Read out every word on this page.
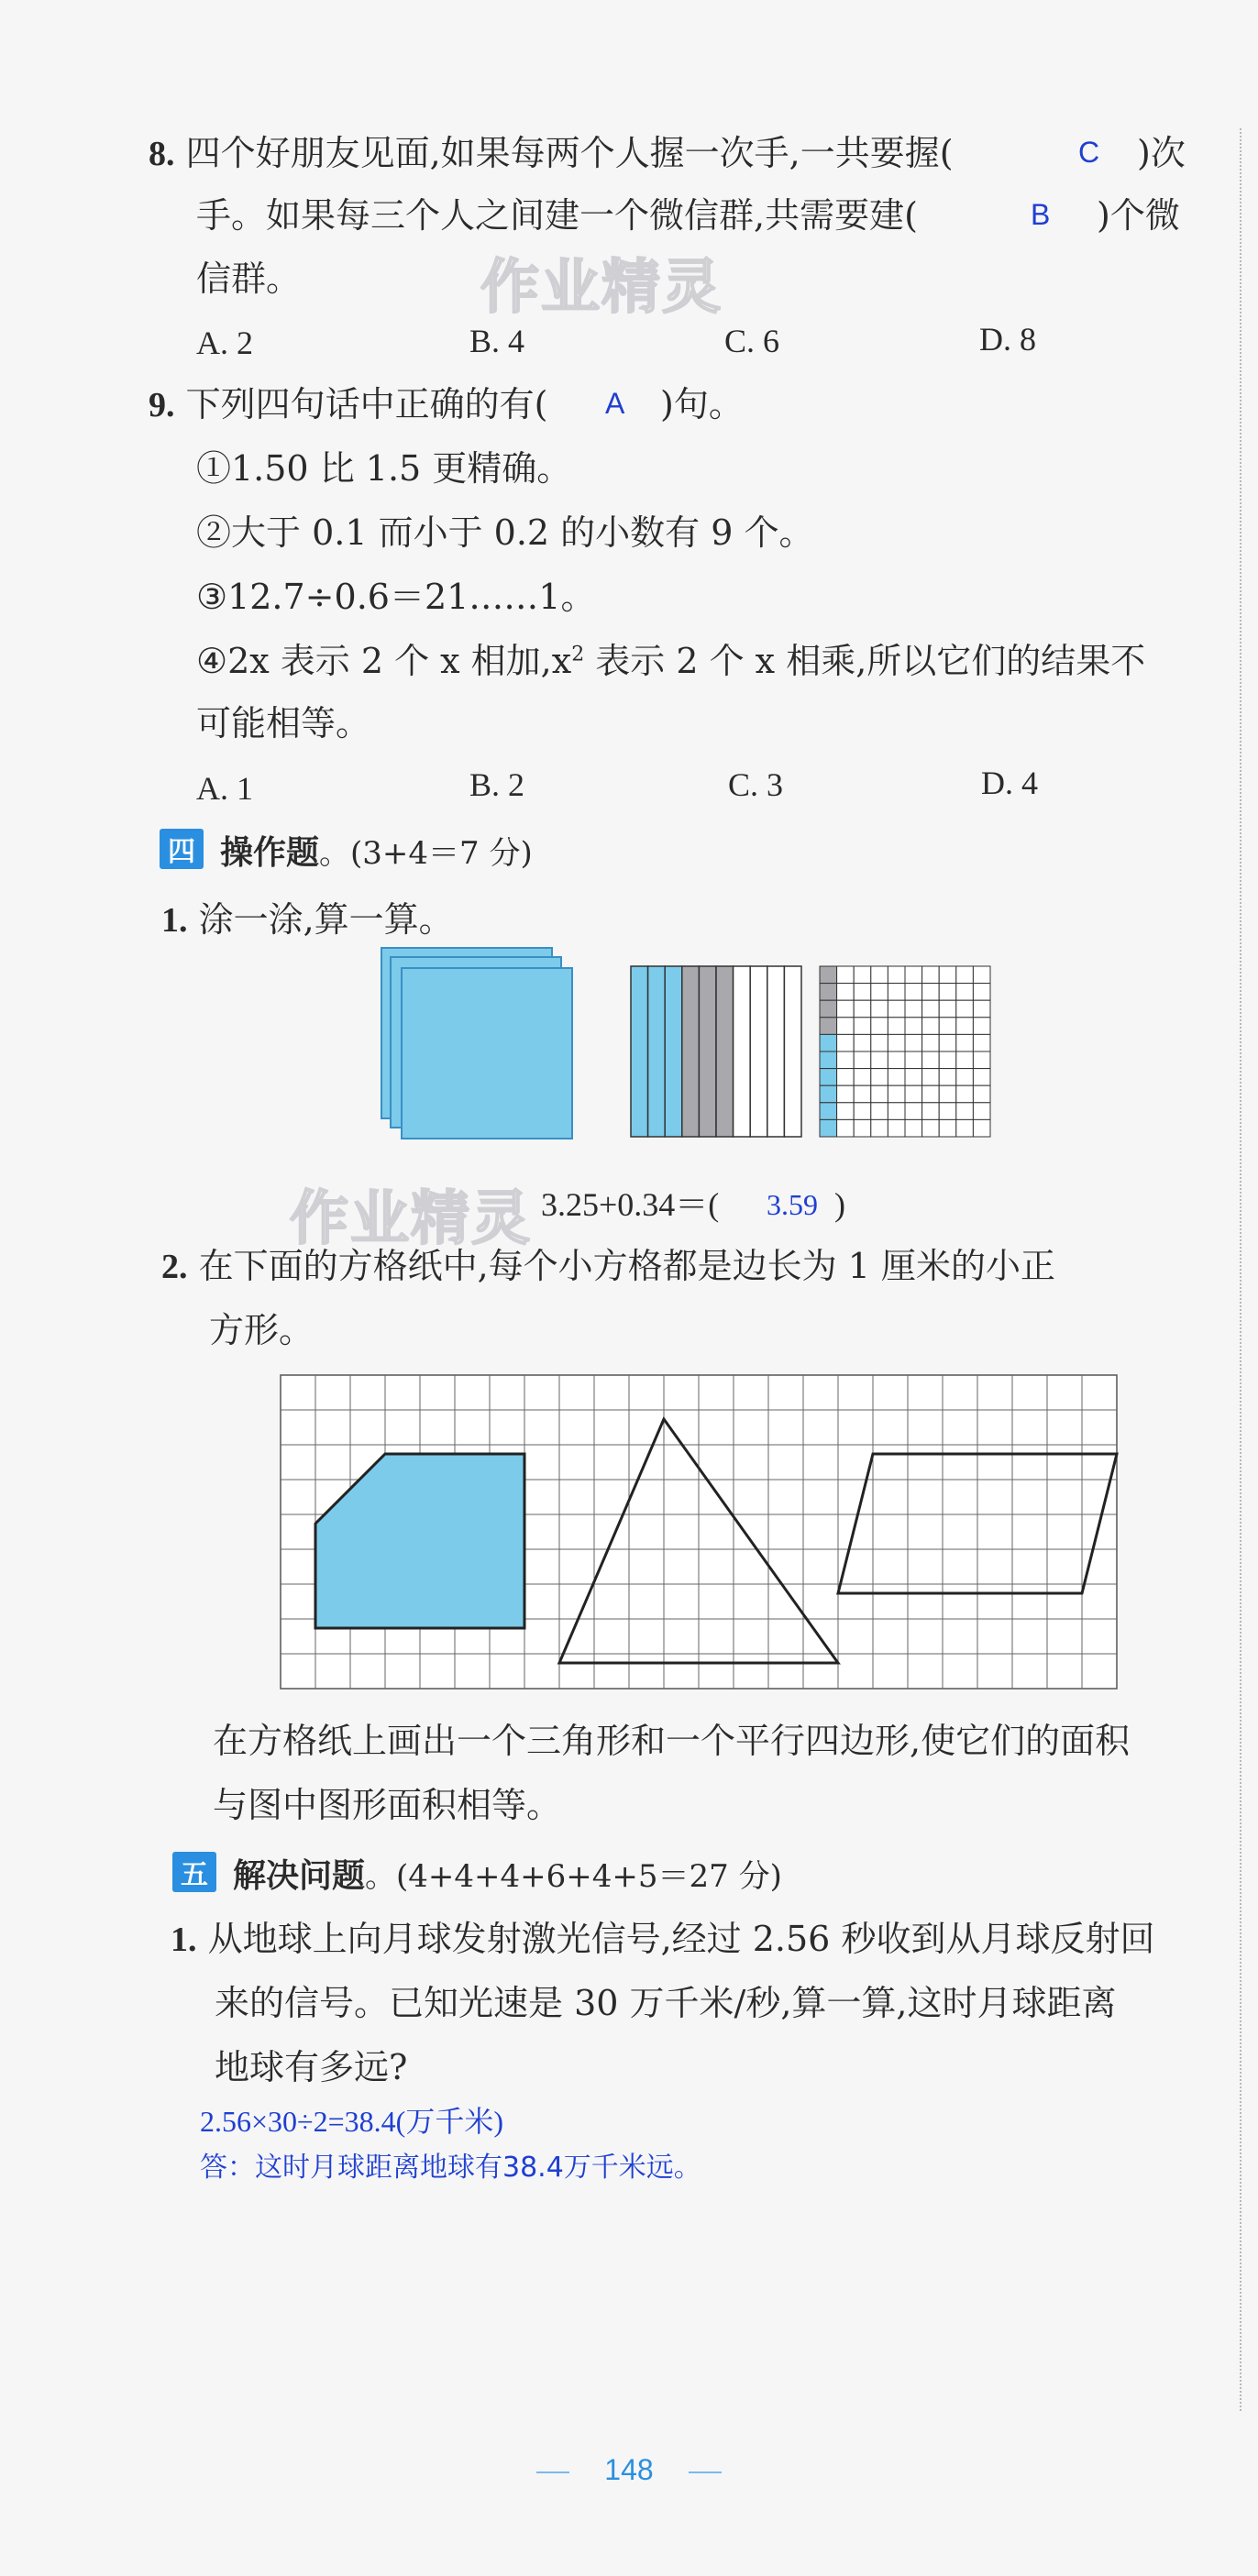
8. 四个好朋友见面,如果每两个人握一次手,一共要握(	C )次
手。如果每三个人之间建一个微信群,共需要建(	B )个微
信群。
A. 2	B. 4	C. 6	D. 8
作业精灵
9. 下列四句话中正确的有( A )句。
①1.50 比 1.5 更精确。
②大于 0.1 而小于 0.2 的小数有 9 个。
③12.7÷0.6＝21……1。
④2x 表示 2 个 x 相加$,x^2$ 表示 2 个 x 相乘,所以它们的结果不
可能相等。
A. 1	B. 2	C. 3	D. 4
四 操作题。(3+4＝7 分)
1. 涂一涂,算一算。
作业精灵 3.25+0.34＝( 3.59 )
2. 在下面的方格纸中,每个小方格都是边长为 1 厘米的小正
方形。
在方格纸上画出一个三角形和一个平行四边形,使它们的面积
与图中图形面积相等。
五 解决问题。(4+4+4+6+4+5＝27 分)
1. 从地球上向月球发射激光信号,经过 2.56 秒收到从月球反射回
来的信号。已知光速是 30 万千米/秒,算一算,这时月球距离
地球有多远?
2.56×30÷2=38.4(万千米)
答：这时月球距离地球有38.4万千米远。
148
